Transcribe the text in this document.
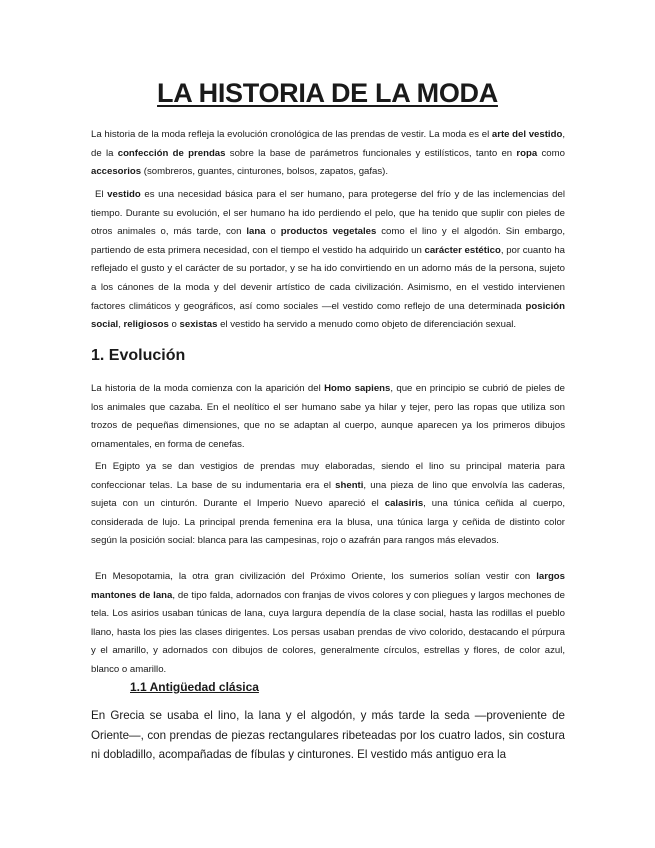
LA HISTORIA DE LA MODA

La historia de la moda refleja la evolución cronológica de las prendas de vestir. La moda es el arte del vestido, de la confección de prendas sobre la base de parámetros funcionales y estilísticos, tanto en ropa como accesorios (sombreros, guantes, cinturones, bolsos, zapatos, gafas).

El vestido es una necesidad básica para el ser humano, para protegerse del frío y de las inclemencias del tiempo. Durante su evolución, el ser humano ha ido perdiendo el pelo, que ha tenido que suplir con pieles de otros animales o, más tarde, con lana o productos vegetales como el lino y el algodón. Sin embargo, partiendo de esta primera necesidad, con el tiempo el vestido ha adquirido un carácter estético, por cuanto ha reflejado el gusto y el carácter de su portador, y se ha ido convirtiendo en un adorno más de la persona, sujeto a los cánones de la moda y del devenir artístico de cada civilización. Asimismo, en el vestido intervienen factores climáticos y geográficos, así como sociales —el vestido como reflejo de una determinada posición social, religiosos o sexistas el vestido ha servido a menudo como objeto de diferenciación sexual.

1. Evolución

La historia de la moda comienza con la aparición del Homo sapiens, que en principio se cubrió de pieles de los animales que cazaba. En el neolítico el ser humano sabe ya hilar y tejer, pero las ropas que utiliza son trozos de pequeñas dimensiones, que no se adaptan al cuerpo, aunque aparecen ya los primeros dibujos ornamentales, en forma de cenefas.

En Egipto ya se dan vestigios de prendas muy elaboradas, siendo el lino su principal materia para confeccionar telas. La base de su indumentaria era el shenti, una pieza de lino que envolvía las caderas, sujeta con un cinturón. Durante el Imperio Nuevo apareció el calasiris, una túnica ceñida al cuerpo, considerada de lujo. La principal prenda femenina era la blusa, una túnica larga y ceñida de distinto color según la posición social: blanca para las campesinas, rojo o azafrán para rangos más elevados.

En Mesopotamia, la otra gran civilización del Próximo Oriente, los sumerios solían vestir con largos mantones de lana, de tipo falda, adornados con franjas de vivos colores y con pliegues y largos mechones de tela. Los asirios usaban túnicas de lana, cuya largura dependía de la clase social, hasta las rodillas el pueblo llano, hasta los pies las clases dirigentes. Los persas usaban prendas de vivo colorido, destacando el púrpura y el amarillo, y adornados con dibujos de colores, generalmente círculos, estrellas y flores, de color azul, blanco o amarillo.

1.1 Antigüedad clásica

En Grecia se usaba el lino, la lana y el algodón, y más tarde la seda —proveniente de Oriente—, con prendas de piezas rectangulares ribeteadas por los cuatro lados, sin costura ni dobladillo, acompañadas de fíbulas y cinturones. El vestido más antiguo era la
